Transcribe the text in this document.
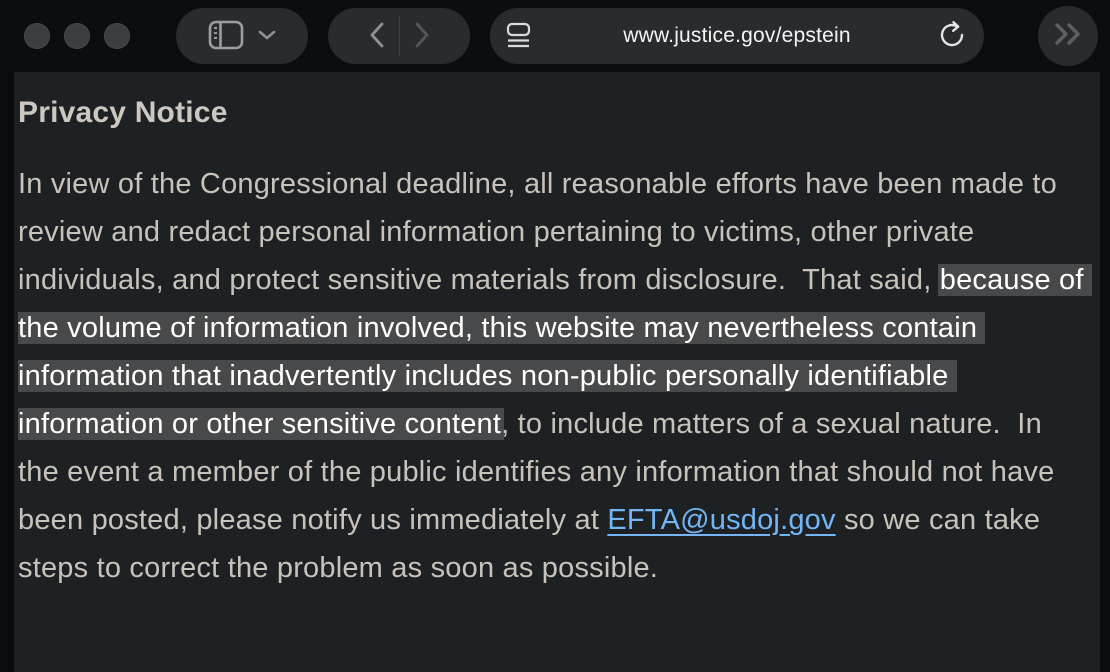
www.justice.gov/epstein
Privacy Notice

In view of the Congressional deadline, all reasonable efforts have been made to review and redact personal information pertaining to victims, other private individuals, and protect sensitive materials from disclosure.  That said, because of the volume of information involved, this website may nevertheless contain information that inadvertently includes non-public personally identifiable information or other sensitive content, to include matters of a sexual nature.  In the event a member of the public identifies any information that should not have been posted, please notify us immediately at EFTA@usdoj.gov so we can take steps to correct the problem as soon as possible.
